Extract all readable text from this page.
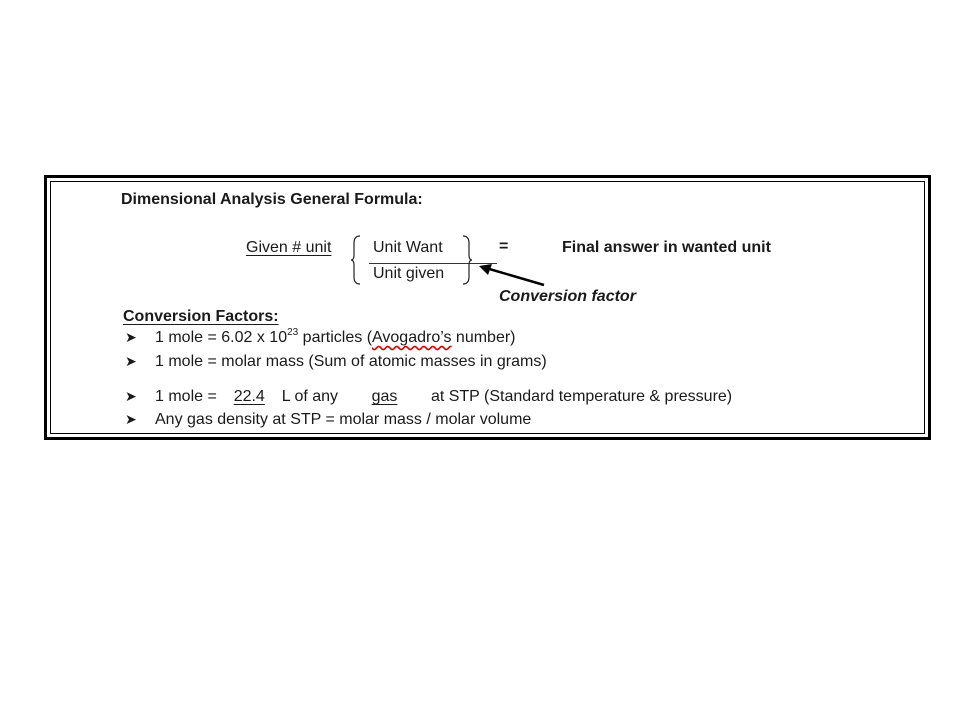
Dimensional Analysis General Formula:
Given # unit	Unit Want
Unit given
=	Final answer in wanted unit
Conversion factor
Conversion Factors:
➤ 1 mole = 6.02 x $10^{23}$ particles (Avogadro’s number)
➤ 1 mole = molar mass (Sum of atomic masses in grams)
➤ 1 mole = 22.4 L of any gas at STP (Standard temperature & pressure)
➤ Any gas density at STP = molar mass / molar volume
